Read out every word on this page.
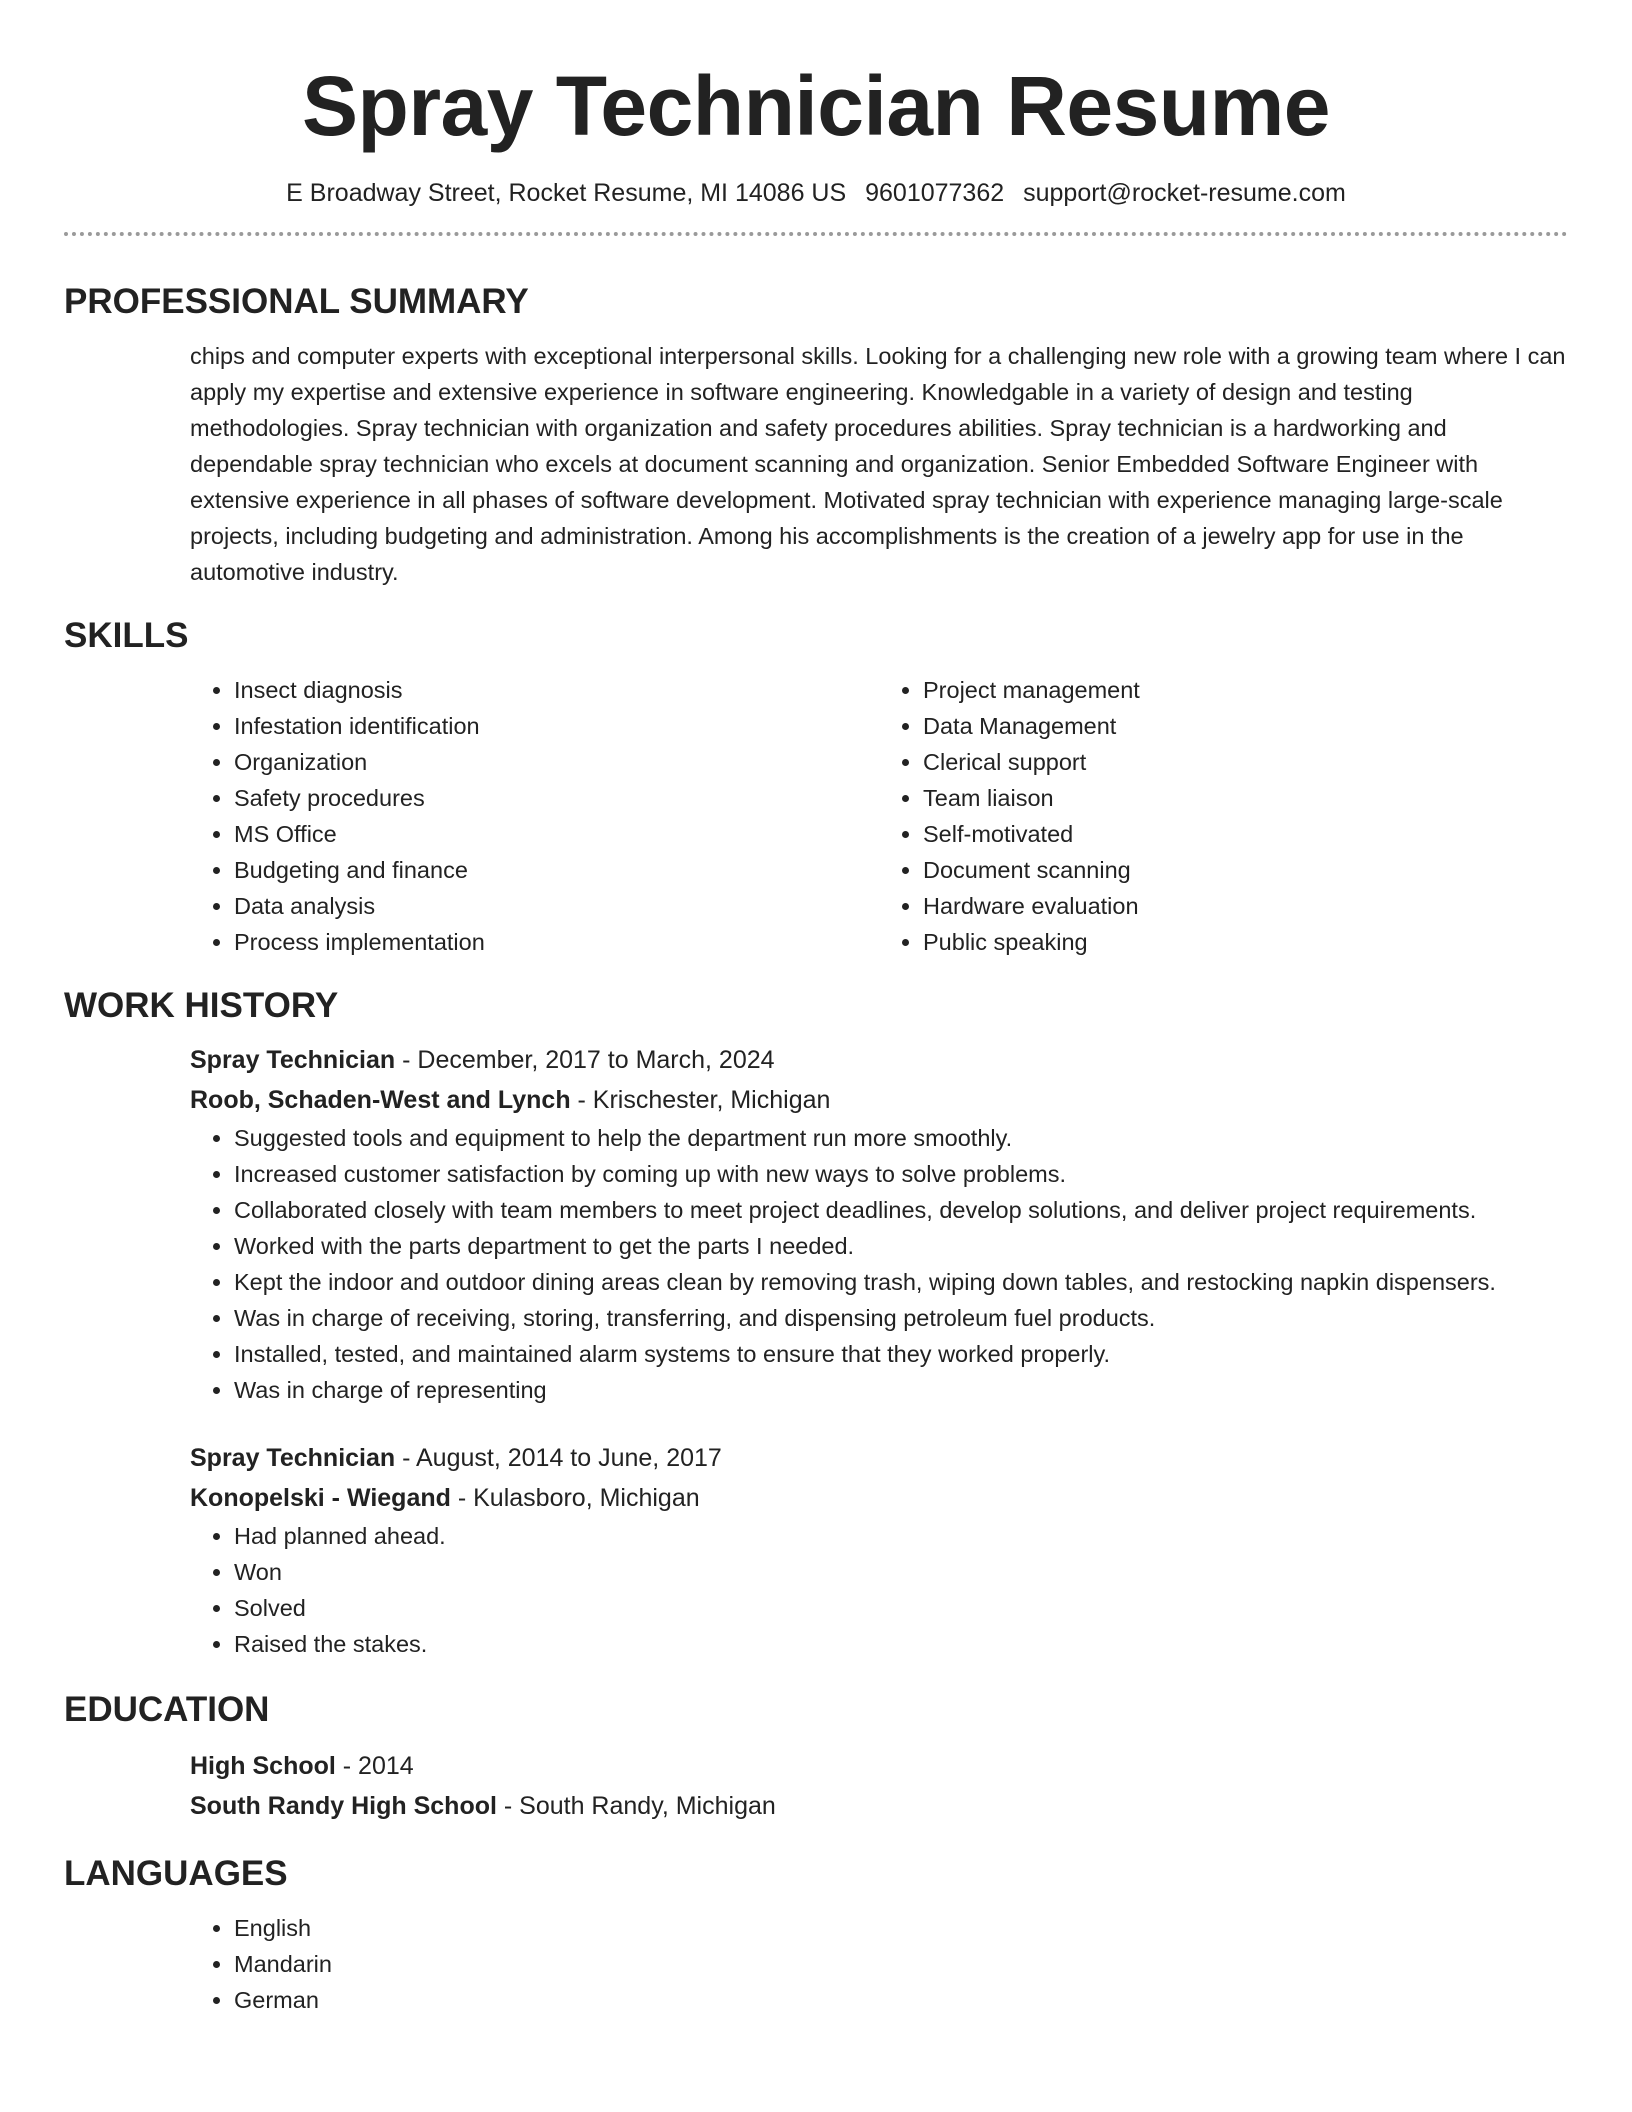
Spray Technician Resume
E Broadway Street, Rocket Resume, MI 14086 US 9601077362 support@rocket-resume.com
PROFESSIONAL SUMMARY

chips and computer experts with exceptional interpersonal skills. Looking for a challenging new role with a growing team where I can apply my expertise and extensive experience in software engineering. Knowledgable in a variety of design and testing methodologies. Spray technician with organization and safety procedures abilities. Spray technician is a hardworking and dependable spray technician who excels at document scanning and organization. Senior Embedded Software Engineer with extensive experience in all phases of software development. Motivated spray technician with experience managing large-scale projects, including budgeting and administration. Among his accomplishments is the creation of a jewelry app for use in the automotive industry.

SKILLS
• Insect diagnosis
• Infestation identification
• Organization
• Safety procedures
• MS Office
• Budgeting and finance
• Data analysis
• Process implementation
• Project management
• Data Management
• Clerical support
• Team liaison
• Self-motivated
• Document scanning
• Hardware evaluation
• Public speaking
WORK HISTORY
Spray Technician - December, 2017 to March, 2024
Roob, Schaden-West and Lynch - Krischester, Michigan
• Suggested tools and equipment to help the department run more smoothly.
• Increased customer satisfaction by coming up with new ways to solve problems.
• Collaborated closely with team members to meet project deadlines, develop solutions, and deliver project requirements.
• Worked with the parts department to get the parts I needed.
• Kept the indoor and outdoor dining areas clean by removing trash, wiping down tables, and restocking napkin dispensers.
• Was in charge of receiving, storing, transferring, and dispensing petroleum fuel products.
• Installed, tested, and maintained alarm systems to ensure that they worked properly.
• Was in charge of representing
Spray Technician - August, 2014 to June, 2017
Konopelski - Wiegand - Kulasboro, Michigan
• Had planned ahead.
• Won
• Solved
• Raised the stakes.
EDUCATION
High School - 2014
South Randy High School - South Randy, Michigan
LANGUAGES
• English
• Mandarin
• German
